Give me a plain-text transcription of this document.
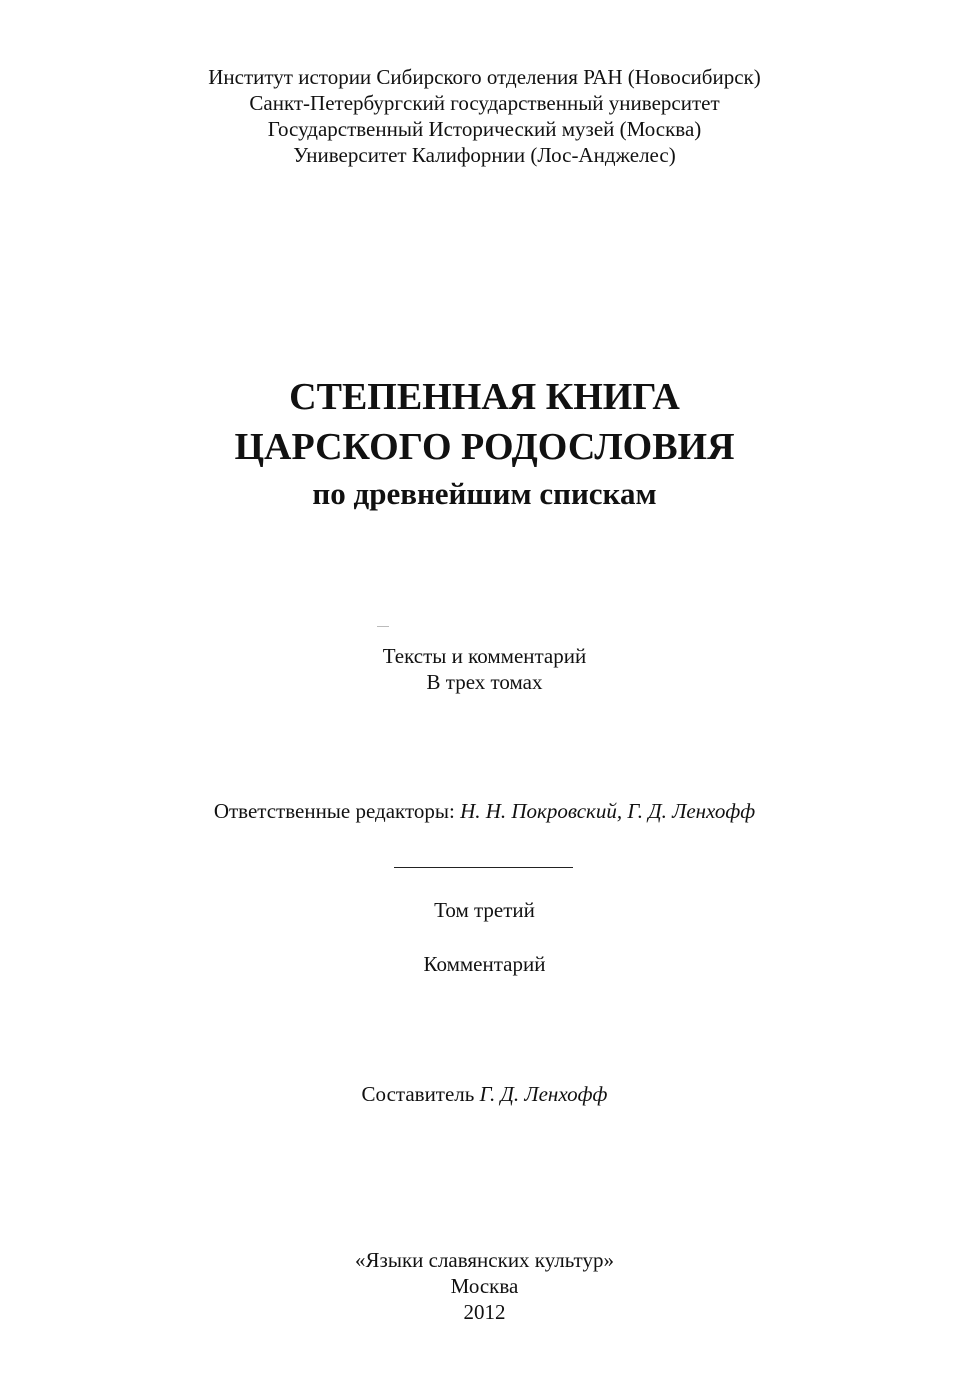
Институт истории Сибирского отделения РАН (Новосибирск)
Санкт-Петербургский государственный университет
Государственный Исторический музей (Москва)
Университет Калифорнии (Лос-Анджелес)
СТЕПЕННАЯ КНИГА
ЦАРСКОГО РОДОСЛОВИЯ
по древнейшим спискам
Тексты и комментарий
В трех томах
Ответственные редакторы: Н. Н. Покровский, Г. Д. Ленхофф
Том третий
Комментарий
Составитель Г. Д. Ленхофф
«Языки славянских культур»
Москва
2012
